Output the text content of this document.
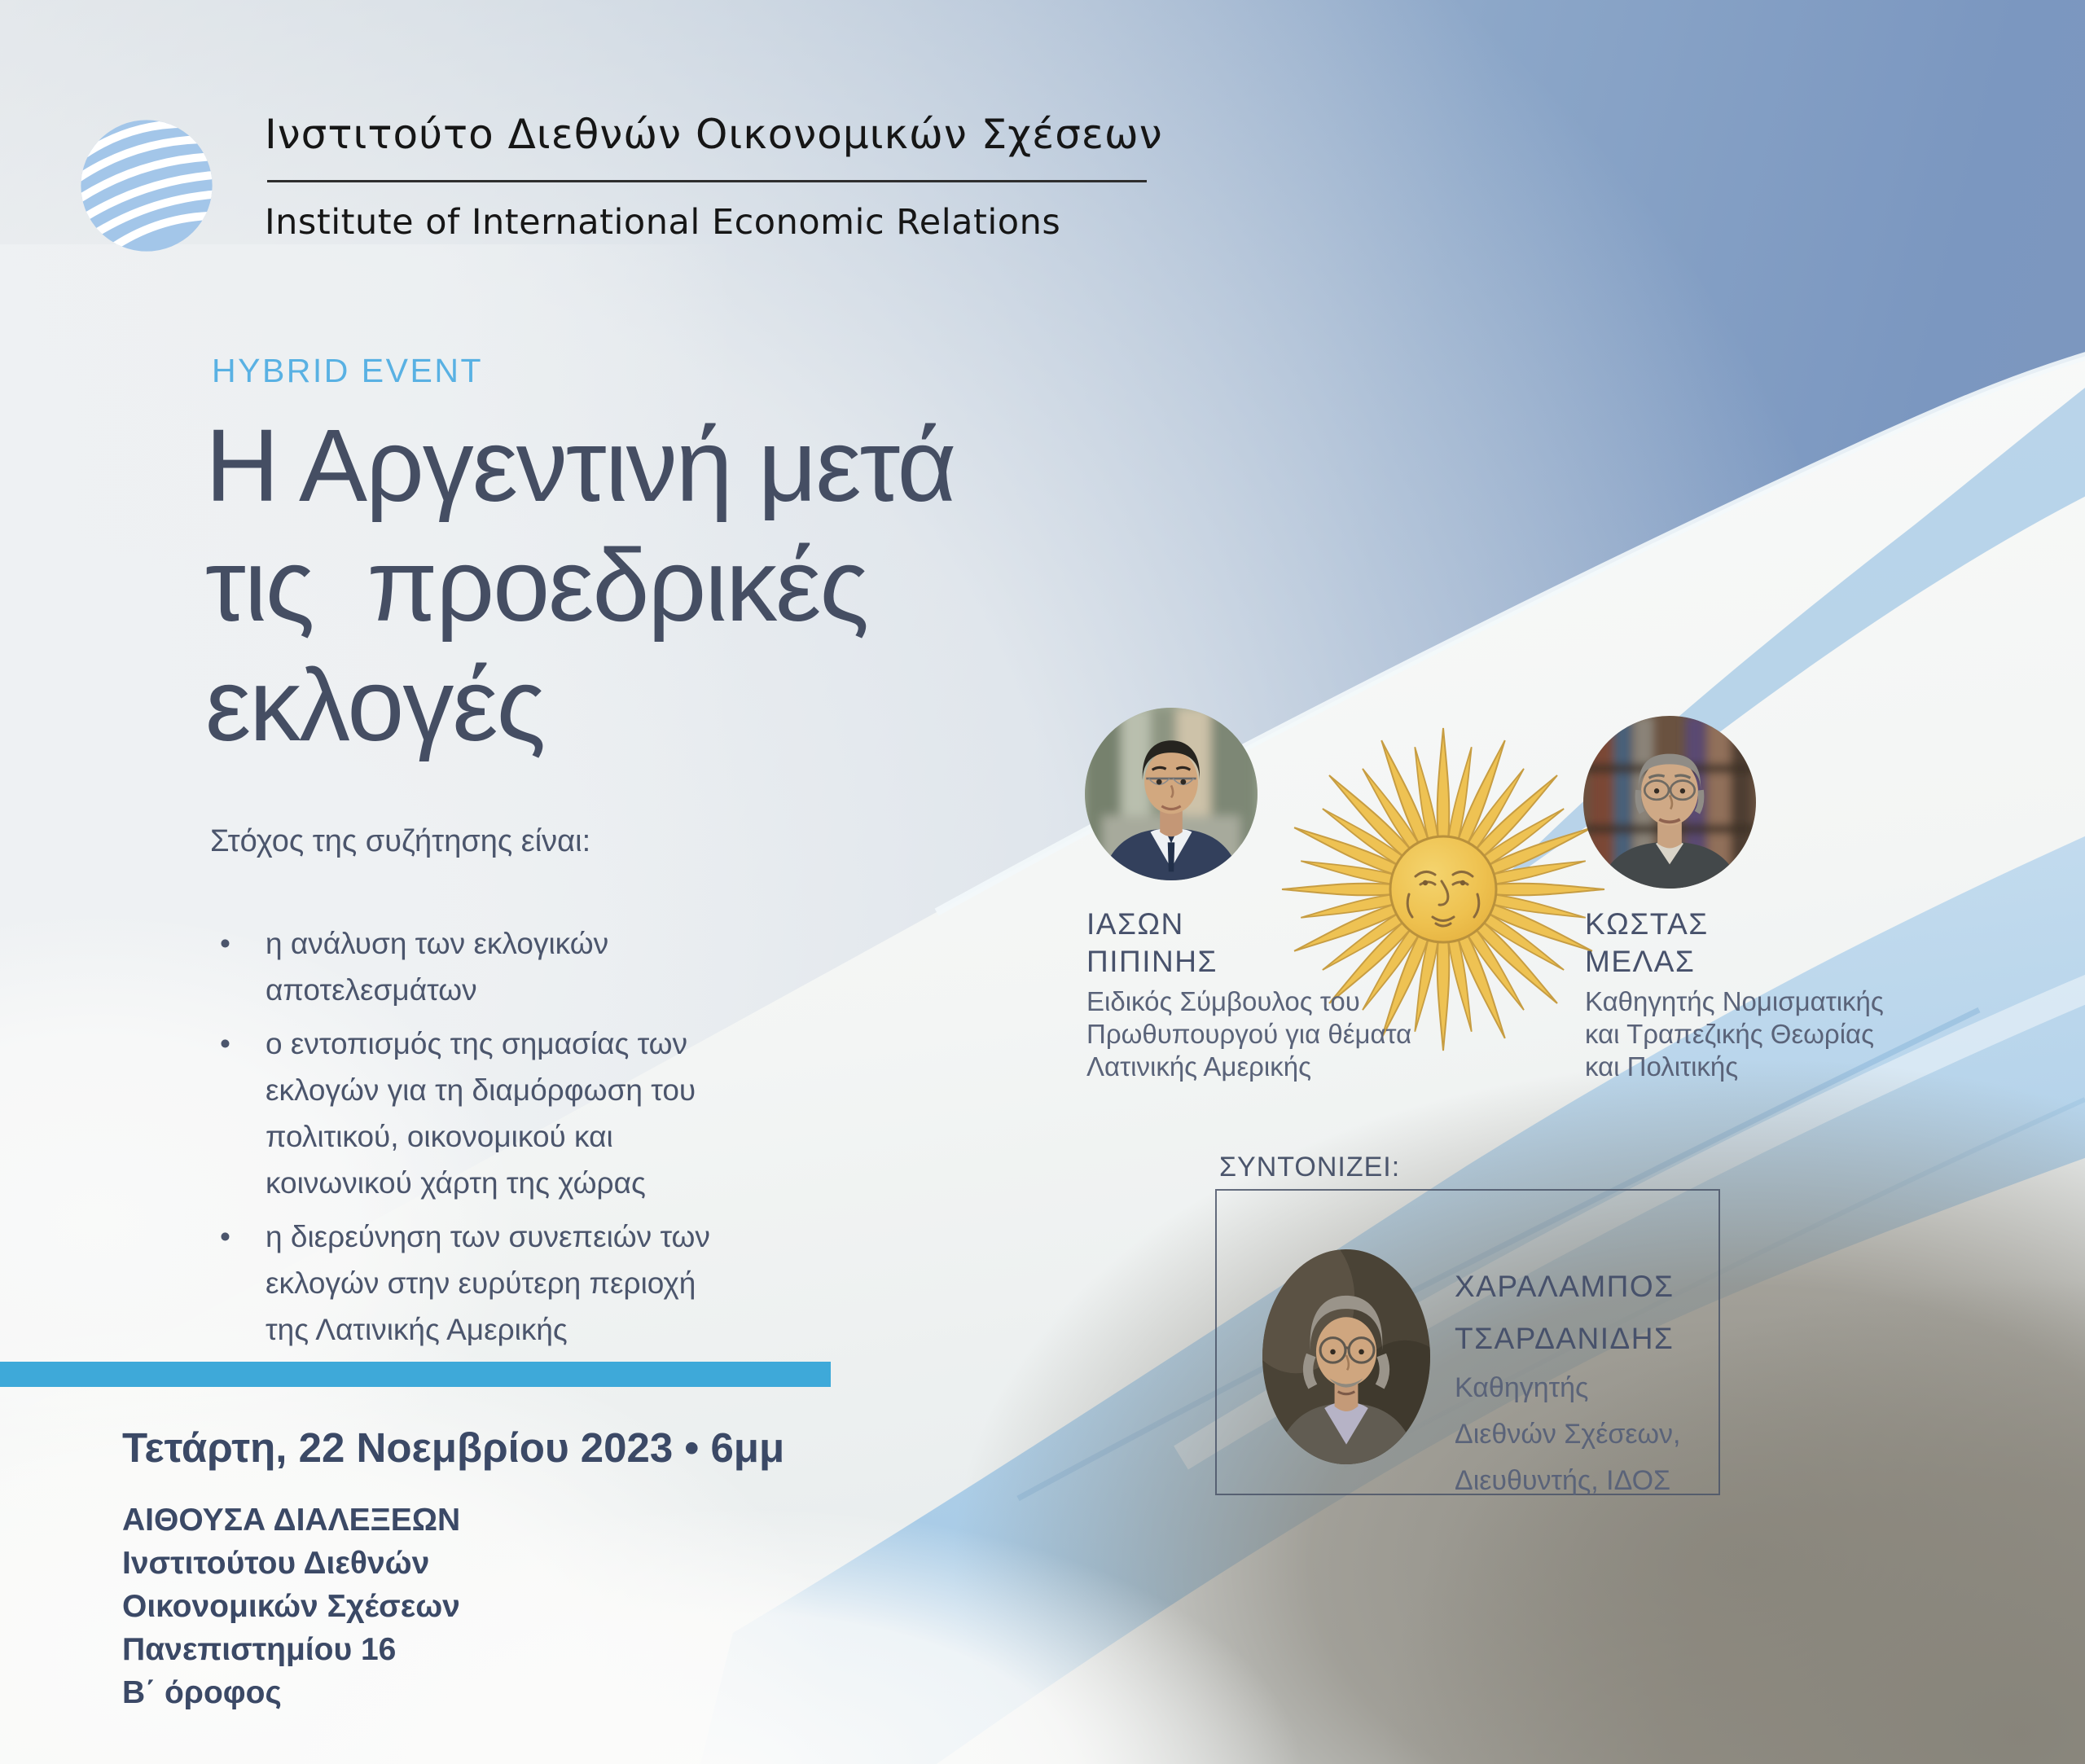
Ινστιτούτο Διεθνών Οικονομικών Σχέσεων
Institute of International Economic Relations
HYBRID EVENT
Η Αργεντινή μετά
τις  προεδρικές
εκλογές
Στόχος της συζήτησης είναι:
• η ανάλυση των εκλογικών αποτελεσμάτων
• ο εντοπισμός της σημασίας των εκλογών για τη διαμόρφωση του πολιτικού, οικονομικού και κοινωνικού χάρτη της χώρας
• η διερεύνηση των συνεπειών των εκλογών στην ευρύτερη περιοχή της Λατινικής Αμερικής
ΙΑΣΩΝ
ΠΙΠΙΝΗΣ
Ειδικός Σύμβουλος του Πρωθυπουργού για θέματα Λατινικής Αμερικής
ΚΩΣΤΑΣ
ΜΕΛΑΣ
Καθηγητής Νομισματικής και Τραπεζικής Θεωρίας και Πολιτικής
ΣΥΝΤΟΝΙΖΕΙ:
ΧΑΡΑΛΑΜΠΟΣ
ΤΣΑΡΔΑΝΙΔΗΣ
Καθηγητής
Διεθνών Σχέσεων,
Διευθυντής, ΙΔΟΣ
Τετάρτη, 22 Νοεμβρίου 2023 • 6μμ
ΑΙΘΟΥΣΑ ΔΙΑΛΕΞΕΩΝ
Ινστιτούτου Διεθνών
Οικονομικών Σχέσεων
Πανεπιστημίου 16
Β΄ όροφος
